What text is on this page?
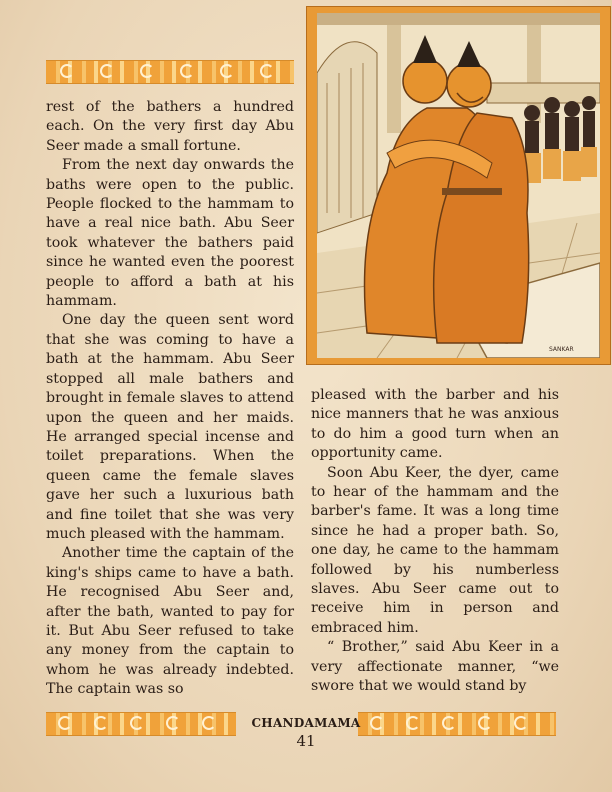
rest of the bathers a hundred each. On the very first day Abu Seer made a small fortune.

From the next day onwards the baths were open to the public. People flocked to the hammam to have a real nice bath. Abu Seer took whatever the bathers paid since he wanted even the poorest people to afford a bath at his hammam.

One day the queen sent word that she was coming to have a bath at the hammam. Abu Seer stopped all male bathers and brought in female slaves to attend upon the queen and her maids. He arranged special incense and toilet preparations. When the queen came the female slaves gave her such a luxurious bath and fine toilet that she was very much pleased with the hammam.

Another time the captain of the king's ships came to have a bath. He recognised Abu Seer and, after the bath, wanted to pay for it. But Abu Seer refused to take any money from the captain to whom he was already indebted. The captain was so

SANKAR

pleased with the barber and his nice manners that he was anxious to do him a good turn when an opportunity came.

Soon Abu Keer, the dyer, came to hear of the hammam and the barber's fame. It was a long time since he had a proper bath. So, one day, he came to the hammam followed by his numberless slaves. Abu Seer came out to receive him in person and embraced him.

“ Brother,” said Abu Keer in a very affectionate manner, “we swore that we would stand by

CHANDAMAMA
41
